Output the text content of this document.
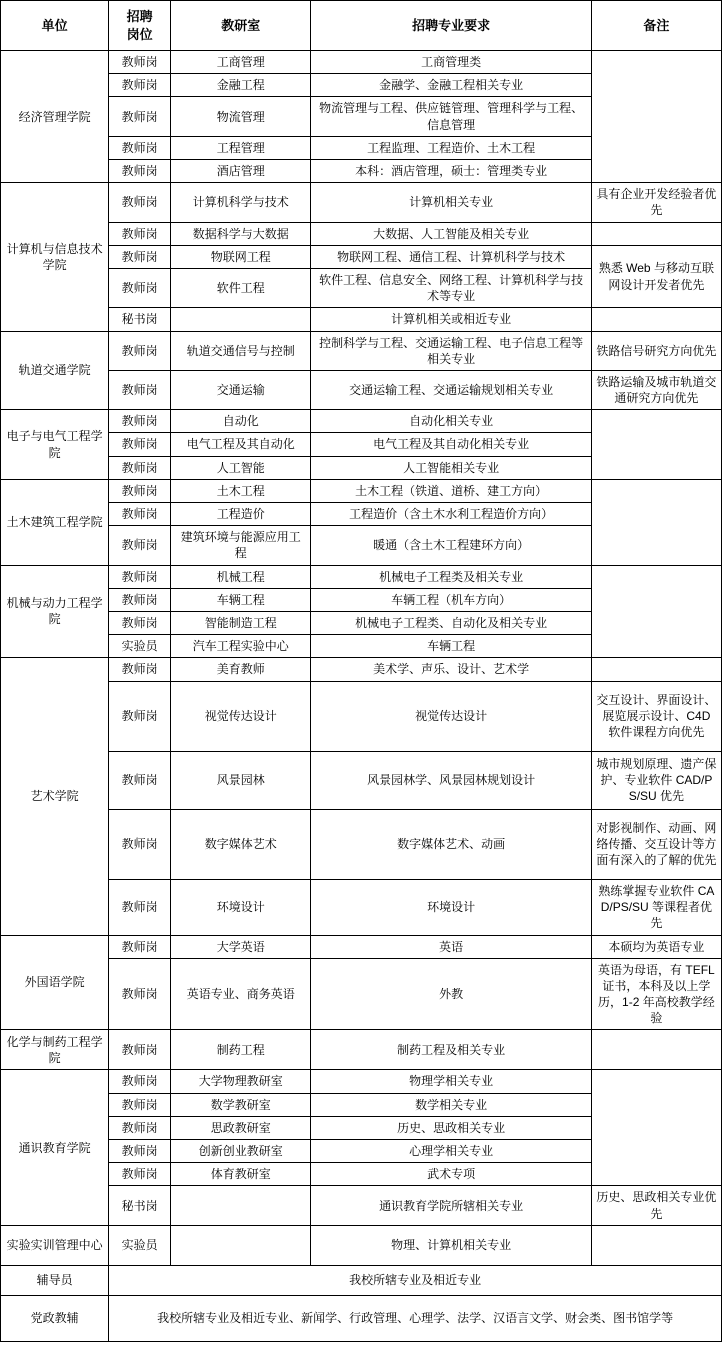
单位	招聘
岗位	教研室	招聘专业要求	备注
经济管理学院	教师岗	工商管理	工商管理类	
	教师岗	金融工程	金融学、金融工程相关专业	
	教师岗	物流管理	物流管理与工程、供应链管理、管理科学与工程、信息管理	
	教师岗	工程管理	工程监理、工程造价、土木工程	
	教师岗	酒店管理	本科：酒店管理，硕士：管理类专业	
计算机与信息技术学院	教师岗	计算机科学与技术	计算机相关专业	具有企业开发经验者优先
	教师岗	数据科学与大数据	大数据、人工智能及相关专业	
	教师岗	物联网工程	物联网工程、通信工程、计算机科学与技术	熟悉 Web 与移动互联网设计开发者优先
	教师岗	软件工程	软件工程、信息安全、网络工程、计算机科学与技术等专业	
	秘书岗		计算机相关或相近专业	
轨道交通学院	教师岗	轨道交通信号与控制	控制科学与工程、交通运输工程、电子信息工程等相关专业	铁路信号研究方向优先
	教师岗	交通运输	交通运输工程、交通运输规划相关专业	铁路运输及城市轨道交通研究方向优先
电子与电气工程学院	教师岗	自动化	自动化相关专业	
	教师岗	电气工程及其自动化	电气工程及其自动化相关专业	
	教师岗	人工智能	人工智能相关专业	
土木建筑工程学院	教师岗	土木工程	土木工程（铁道、道桥、建工方向）	
	教师岗	工程造价	工程造价（含土木水利工程造价方向）	
	教师岗	建筑环境与能源应用工程	暖通（含土木工程建环方向）	
机械与动力工程学院	教师岗	机械工程	机械电子工程类及相关专业	
	教师岗	车辆工程	车辆工程（机车方向）	
	教师岗	智能制造工程	机械电子工程类、自动化及相关专业	
	实验员	汽车工程实验中心	车辆工程	
艺术学院	教师岗	美育教师	美术学、声乐、设计、艺术学	
	教师岗	视觉传达设计	视觉传达设计	交互设计、界面设计、展览展示设计、C4D 软件课程方向优先
	教师岗	风景园林	风景园林学、风景园林规划设计	城市规划原理、遗产保护、专业软件 CAD/PS/SU 优先
	教师岗	数字媒体艺术	数字媒体艺术、动画	对影视制作、动画、网络传播、交互设计等方面有深入的了解的优先
	教师岗	环境设计	环境设计	熟练掌握专业软件 CAD/PS/SU 等课程者优先
外国语学院	教师岗	大学英语	英语	本硕均为英语专业
	教师岗	英语专业、商务英语	外教	英语为母语，有 TEFL 证书，本科及以上学历，1-2 年高校教学经验
化学与制药工程学院	教师岗	制药工程	制药工程及相关专业	
通识教育学院	教师岗	大学物理教研室	物理学相关专业	
	教师岗	数学教研室	数学相关专业	
	教师岗	思政教研室	历史、思政相关专业	
	教师岗	创新创业教研室	心理学相关专业	
	教师岗	体育教研室	武术专项	
	秘书岗		通识教育学院所辖相关专业	历史、思政相关专业优先
实验实训管理中心	实验员		物理、计算机相关专业	
辅导员	我校所辖专业及相近专业			
党政教辅	我校所辖专业及相近专业、新闻学、行政管理、心理学、法学、汉语言文学、财会类、图书馆学等			
